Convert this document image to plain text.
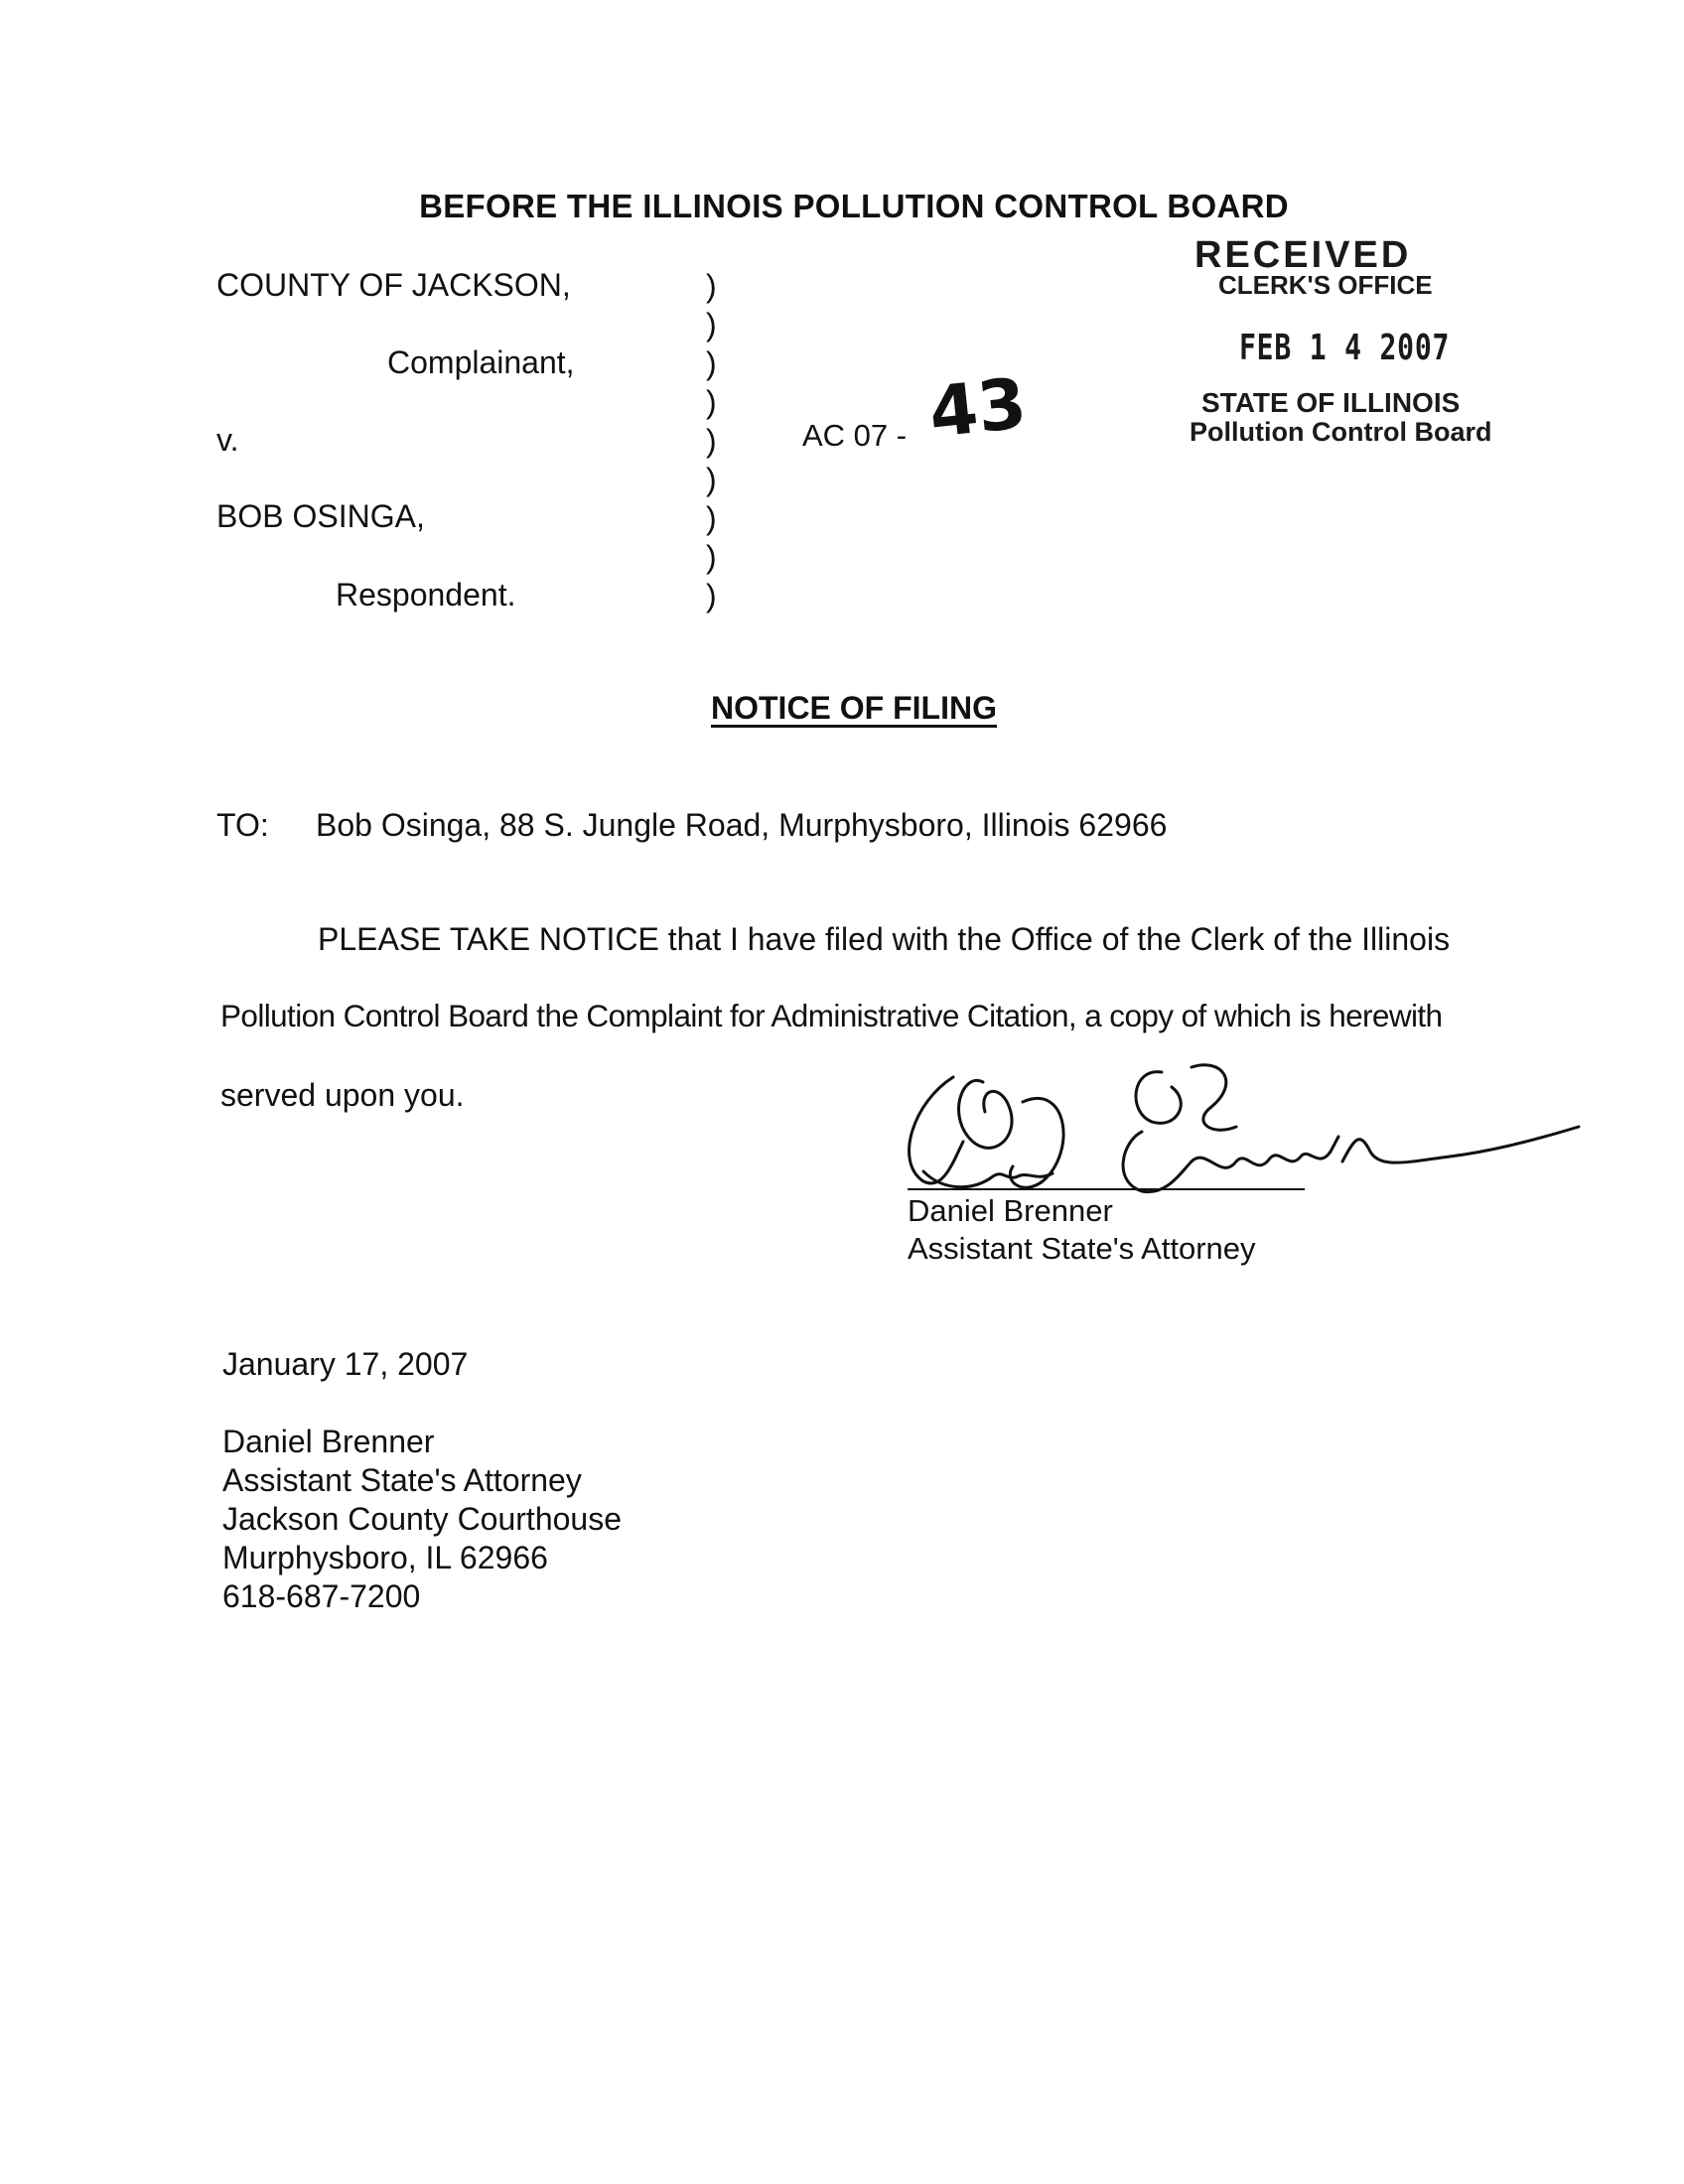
BEFORE THE ILLINOIS POLLUTION CONTROL BOARD
COUNTY OF JACKSON,
Complainant,
v.
BOB OSINGA,
Respondent.
)
)
)
)
)
)
)
)
)
AC 07 - 43
RECEIVED
CLERK'S OFFICE
FEB 1 4 2007
STATE OF ILLINOIS
Pollution Control Board
NOTICE OF FILING
TO: Bob Osinga, 88 S. Jungle Road, Murphysboro, Illinois 62966
PLEASE TAKE NOTICE that I have filed with the Office of the Clerk of the Illinois
Pollution Control Board the Complaint for Administrative Citation, a copy of which is herewith
served upon you.
Daniel Brenner
Assistant State's Attorney
January 17, 2007
Daniel Brenner
Assistant State's Attorney
Jackson County Courthouse
Murphysboro, IL 62966
618-687-7200
